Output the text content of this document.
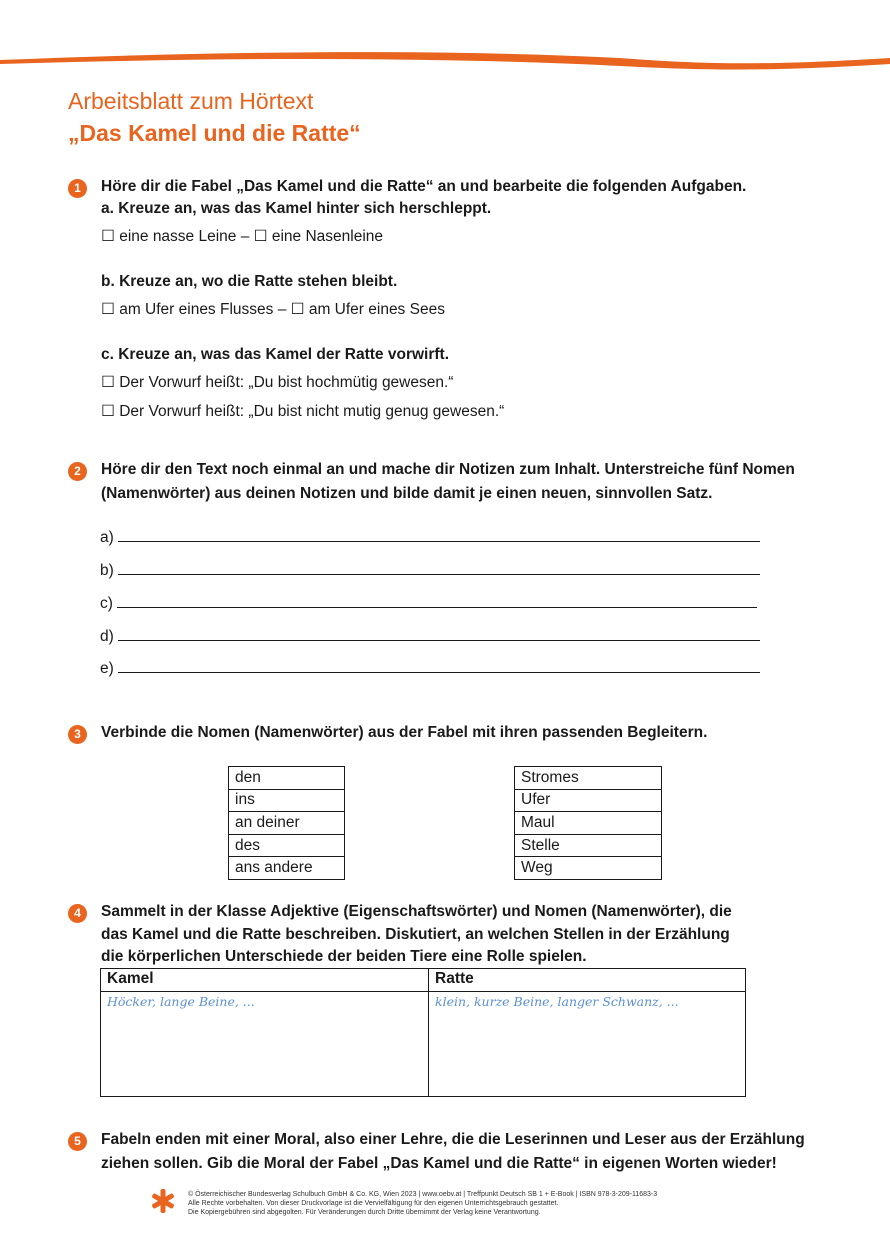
Arbeitsblatt zum Hörtext
„Das Kamel und die Ratte“
1	Höre dir die Fabel „Das Kamel und die Ratte“ an und bearbeite die folgenden Aufgaben.
a. Kreuze an, was das Kamel hinter sich herschleppt.
☐ eine nasse Leine – ☐ eine Nasenleine
b. Kreuze an, wo die Ratte stehen bleibt.
☐ am Ufer eines Flusses – ☐ am Ufer eines Sees
c. Kreuze an, was das Kamel der Ratte vorwirft.
☐ Der Vorwurf heißt: „Du bist hochmütig gewesen.“
☐ Der Vorwurf heißt: „Du bist nicht mutig genug gewesen.“
2	Höre dir den Text noch einmal an und mache dir Notizen zum Inhalt. Unterstreiche fünf Nomen
(Namenwörter) aus deinen Notizen und bilde damit je einen neuen, sinnvollen Satz.
a)
b)
c)
d)
e)
3	Verbinde die Nomen (Namenwörter) aus der Fabel mit ihren passenden Begleitern.
den
ins
an deiner
des
ans andere
Stromes
Ufer
Maul
Stelle
Weg
4	Sammelt in der Klasse Adjektive (Eigenschaftswörter) und Nomen (Namenwörter), die
das Kamel und die Ratte beschreiben. Diskutiert, an welchen Stellen in der Erzählung
die körperlichen Unterschiede der beiden Tiere eine Rolle spielen.
Kamel	Ratte
Höcker, lange Beine, ...	klein, kurze Beine, langer Schwanz, ...
5	Fabeln enden mit einer Moral, also einer Lehre, die die Leserinnen und Leser aus der Erzählung
ziehen sollen. Gib die Moral der Fabel „Das Kamel und die Ratte“ in eigenen Worten wieder!
© Österreichischer Bundesverlag Schulbuch GmbH & Co. KG, Wien 2023 | www.oebv.at | Treffpunkt Deutsch SB 1 + E-Book | ISBN 978-3-209-11683-3
Alle Rechte vorbehalten. Von dieser Druckvorlage ist die Vervielfältigung für den eigenen Unterrichtsgebrauch gestattet.
Die Kopiergebühren sind abgegolten. Für Veränderungen durch Dritte übernimmt der Verlag keine Verantwortung.
